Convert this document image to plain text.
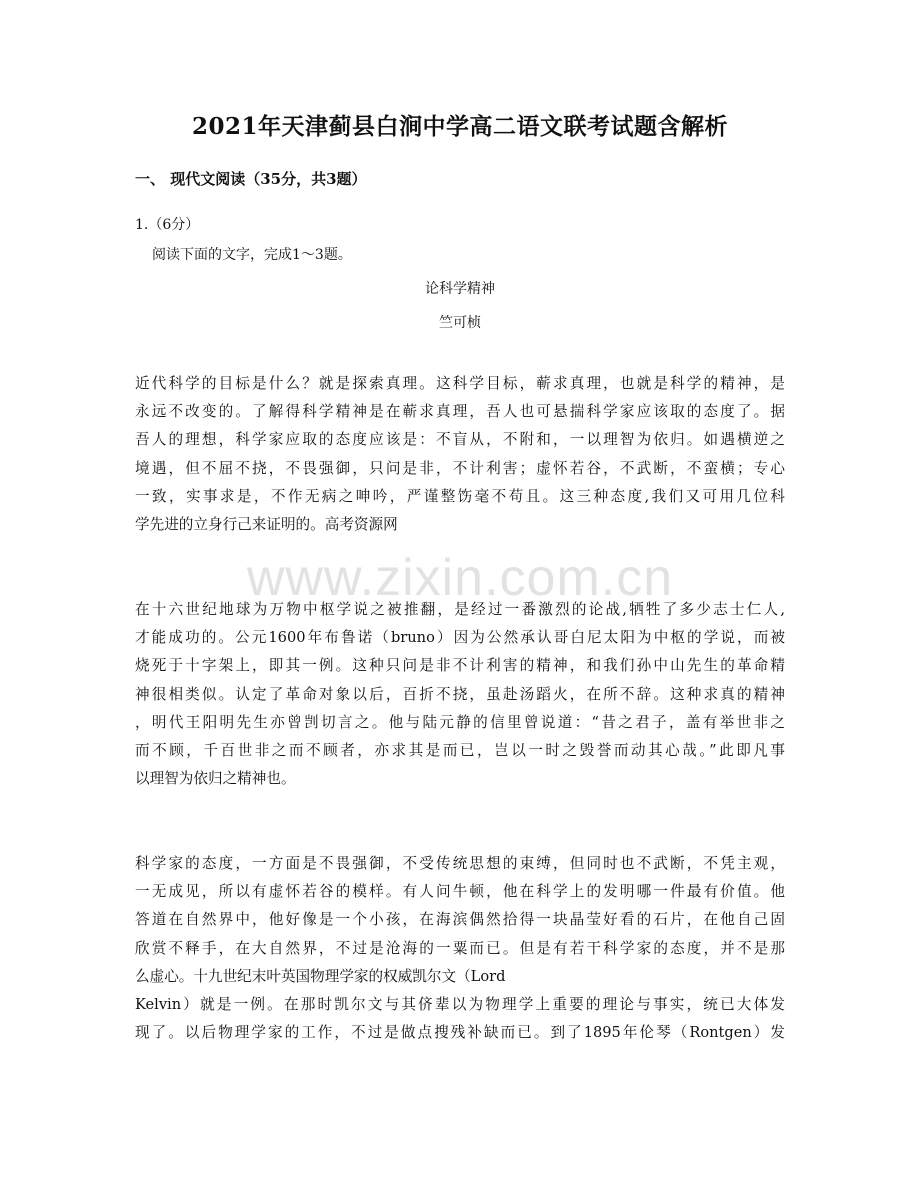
2021年天津蓟县白涧中学高二语文联考试题含解析
一、 现代文阅读（35分，共3题）
1.（6分）
阅读下面的文字，完成1～3题。
论科学精神
竺可桢
近代科学的目标是什么？就是探索真理。这科学目标，蕲求真理，也就是科学的精神，是
永远不改变的。了解得科学精神是在蕲求真理，吾人也可悬揣科学家应该取的态度了。据
吾人的理想，科学家应取的态度应该是：不盲从，不附和，一以理智为依归。如遇横逆之
境遇，但不屈不挠，不畏强御，只问是非，不计利害；虚怀若谷，不武断，不蛮横；专心
一致，实事求是，不作无病之呻吟，严谨整饬毫不苟且。这三种态度,我们又可用几位科
学先进的立身行己来证明的。高考资源网
在十六世纪地球为万物中枢学说之被推翻，是经过一番激烈的论战,牺牲了多少志士仁人,
才能成功的。公元1600年布鲁诺（bruno）因为公然承认哥白尼太阳为中枢的学说，而被
烧死于十字架上，即其一例。这种只问是非不计利害的精神，和我们孙中山先生的革命精
神很相类似。认定了革命对象以后，百折不挠，虽赴汤蹈火，在所不辞。这种求真的精神
，明代王阳明先生亦曾剀切言之。他与陆元静的信里曾说道：“昔之君子，盖有举世非之
而不顾，千百世非之而不顾者，亦求其是而已，岂以一时之毁誉而动其心哉。”此即凡事
以理智为依归之精神也。
科学家的态度，一方面是不畏强御，不受传统思想的束缚，但同时也不武断，不凭主观，
一无成见，所以有虚怀若谷的模样。有人问牛顿，他在科学上的发明哪一件最有价值。他
答道在自然界中，他好像是一个小孩，在海滨偶然拾得一块晶莹好看的石片，在他自己固
欣赏不释手，在大自然界，不过是沧海的一粟而已。但是有若干科学家的态度，并不是那
么虚心。十九世纪末叶英国物理学家的权威凯尔文（Lord
Kelvin）就是一例。在那时凯尔文与其侪辈以为物理学上重要的理论与事实，统已大体发
现了。以后物理学家的工作，不过是做点搜残补缺而已。到了1895年伦琴（Rontgen）发
www.zixin.com.cn
